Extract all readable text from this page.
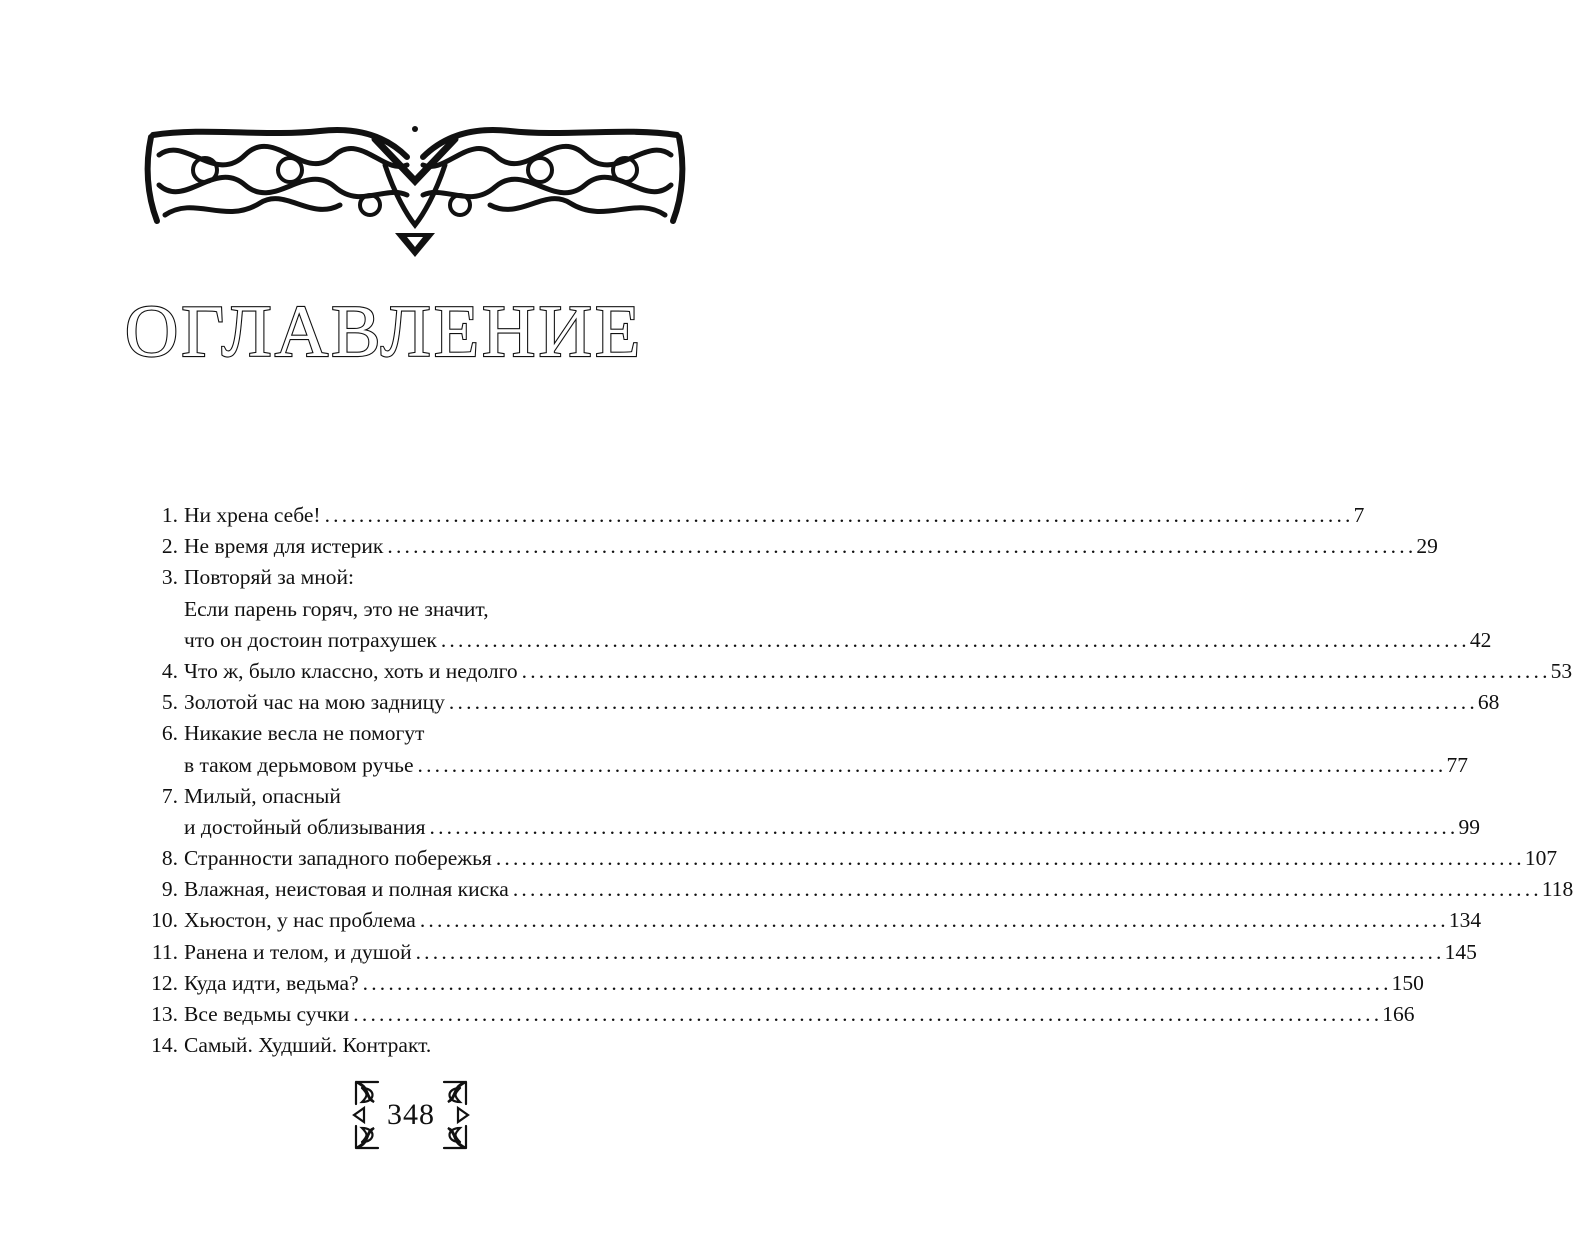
ОГЛАВЛЕНИЕ
1. Ни хрена себе! ........................................................................................................................ 7
2. Не время для истерик ........................................................................................................................ 29
3. Повторяй за мной:
Если парень горяч, это не значит,
что он достоин потрахушек ........................................................................................................................ 42
4. Что ж, было классно, хоть и недолго ........................................................................................................................ 53
5. Золотой час на мою задницу ........................................................................................................................ 68
6. Никакие весла не помогут
в таком дерьмовом ручье ........................................................................................................................ 77
7. Милый, опасный
и достойный облизывания ........................................................................................................................ 99
8. Странности западного побережья ........................................................................................................................ 107
9. Влажная, неистовая и полная киска ........................................................................................................................ 118
10. Хьюстон, у нас проблема ........................................................................................................................ 134
11. Ранена и телом, и душой ........................................................................................................................ 145
12. Куда идти, ведьма? ........................................................................................................................ 150
13. Все ведьмы сучки ........................................................................................................................ 166
14. Самый. Худший. Контракт.
348
